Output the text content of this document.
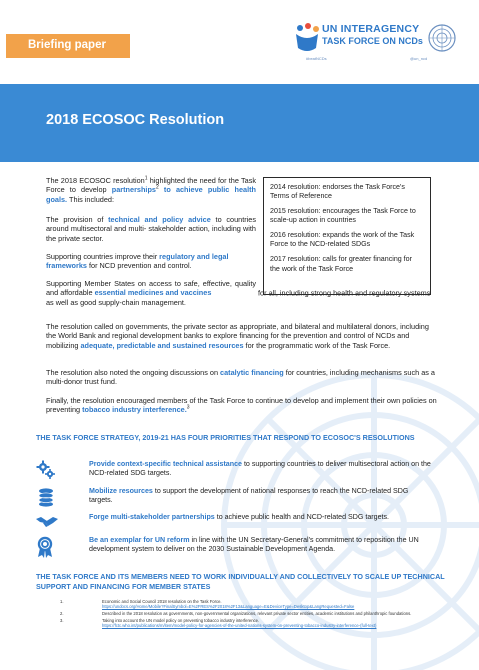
Briefing paper
UN INTERAGENCY
TASK FORCE ON NCDs
#beatNCDs	@un_ncd
2018 ECOSOC Resolution
The 2018 ECOSOC resolution$^1$ highlighted the need for the Task Force to develop partnerships$^2$ to achieve public health goals. This included:
The provision of technical and policy advice to countries around multisectoral and multi- stakeholder action, including with the private sector.
Supporting countries improve their regulatory and legal frameworks for NCD prevention and control.
Supporting Member States on access to safe, effective, quality and affordable essential medicines and vaccines	for all, including strong health and regulatory systems as well as good supply-chain management.
2014 resolution: endorses the Task Force's Terms of Reference
2015 resolution: encourages the Task Force to scale-up action in countries
2016 resolution: expands the work of the Task Force to the NCD-related SDGs
2017 resolution: calls for greater financing for the work of the Task Force
The resolution called on governments, the private sector as appropriate, and bilateral and multilateral donors, including the World Bank and regional development banks to explore financing for the prevention and control of NCDs and mobilizing adequate, predictable and sustained resources for the programmatic work of the Task Force.
The resolution also noted the ongoing discussions on catalytic financing for countries, including mechanisms such as a multi-donor trust fund.
Finally, the resolution encouraged members of the Task Force to continue to develop and implement their own policies on preventing tobacco industry interference.$^3$
THE TASK FORCE STRATEGY, 2019-21 HAS FOUR PRIORITIES THAT RESPOND TO ECOSOC'S RESOLUTIONS
Provide context-specific technical assistance to supporting countries to deliver multisectoral action on the NCD-related SDG targets.
Mobilize resources to support the development of national responses to reach the NCD-related SDG targets.
Forge multi-stakeholder partnerships to achieve public health and NCD-related SDG targets.
Be an exemplar for UN reform in line with the UN Secretary-General's commitment to reposition the UN development system to deliver on the 2030 Sustainable Development Agenda.
THE TASK FORCE AND ITS MEMBERS NEED TO WORK INDIVIDUALLY AND COLLECTIVELY TO SCALE UP TECHNICAL SUPPORT AND FINANCING FOR MEMBER STATES
1.	Economic and Social Council 2018 resolution on the Task Force.
https://undocs.org/Home/Mobile?FinalSymbol=E%2FRES%2F2018%2F13&Language=E&DeviceType=Desktop&LangRequested=False
2.	Described in the 2018 resolution as governments, non-governmental organizations, relevant private sector entities, academic institutions and philanthropic foundations.
3.	Taking into account the UN model policy on preventing tobacco industry interference.
https://fctc.who.int/publications/m/item/model-policy-for-agencies-of-the-united-nations-system-on-preventing-tobacco-industry-interference-(full-text)
